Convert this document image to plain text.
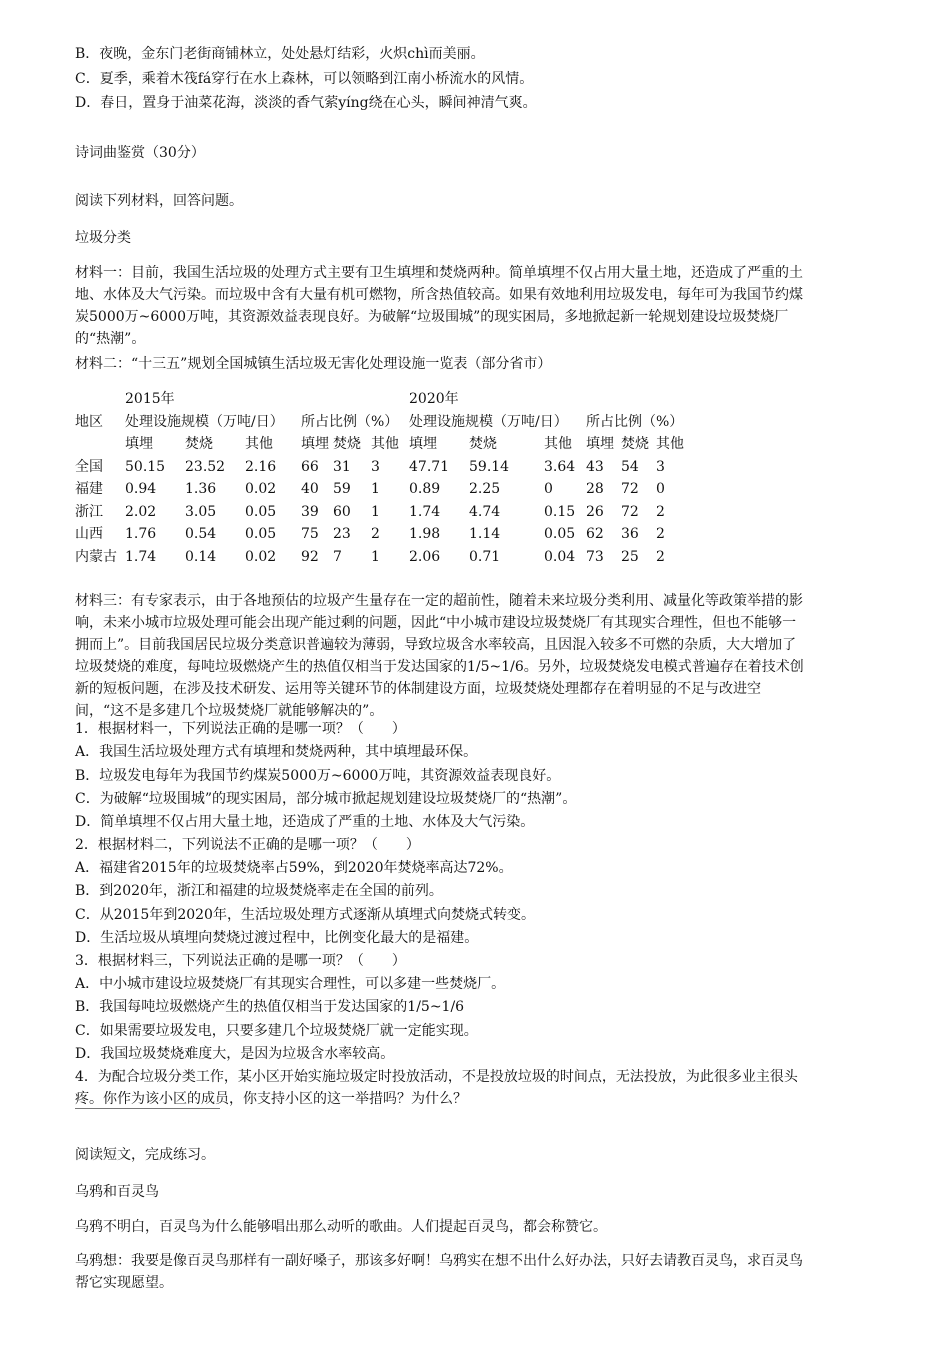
B．夜晚，金东门老街商铺林立，处处悬灯结彩，火炽chì而美丽。
C．夏季，乘着木筏fá穿行在水上森林，可以领略到江南小桥流水的风情。
D．春日，置身于油菜花海，淡淡的香气萦yíng绕在心头，瞬间神清气爽。
诗词曲鉴赏（30分）
阅读下列材料，回答问题。
垃圾分类
材料一：目前，我国生活垃圾的处理方式主要有卫生填埋和焚烧两种。简单填埋不仅占用大量土地，还造成了严重的土地、水体及大气污染。而垃圾中含有大量有机可燃物，所含热值较高。如果有效地利用垃圾发电，每年可为我国节约煤炭5000万~6000万吨，其资源效益表现良好。为破解“垃圾围城”的现实困局，多地掀起新一轮规划建设垃圾焚烧厂的“热潮”。
材料二：“十三五”规划全国城镇生活垃圾无害化处理设施一览表（部分省市）
	2015年						2020年					
地区	处理设施规模（万吨/日）			所占比例（%）			处理设施规模（万吨/日）			所占比例（%）		
	填埋	焚烧	其他	填埋	焚烧	其他	填埋	焚烧	其他	填埋	焚烧	其他
全国	50.15	23.52	2.16	66	31	3	47.71	59.14	3.64	43	54	3
福建	0.94	1.36	0.02	40	59	1	0.89	2.25	0	28	72	0
浙江	2.02	3.05	0.05	39	60	1	1.74	4.74	0.15	26	72	2
山西	1.76	0.54	0.05	75	23	2	1.98	1.14	0.05	62	36	2
内蒙古	1.74	0.14	0.02	92	7	1	2.06	0.71	0.04	73	25	2
材料三：有专家表示，由于各地预估的垃圾产生量存在一定的超前性，随着未来垃圾分类利用、减量化等政策举措的影响，未来小城市垃圾处理可能会出现产能过剩的问题，因此“中小城市建设垃圾焚烧厂有其现实合理性，但也不能够一拥而上”。目前我国居民垃圾分类意识普遍较为薄弱，导致垃圾含水率较高，且因混入较多不可燃的杂质，大大增加了垃圾焚烧的难度，每吨垃圾燃烧产生的热值仅相当于发达国家的1/5~1/6。另外，垃圾焚烧发电模式普遍存在着技术创新的短板问题，在涉及技术研发、运用等关键环节的体制建设方面，垃圾焚烧处理都存在着明显的不足与改进空间，“这不是多建几个垃圾焚烧厂就能够解决的”。
1．根据材料一，下列说法正确的是哪一项？（　　）
A．我国生活垃圾处理方式有填埋和焚烧两种，其中填埋最环保。
B．垃圾发电每年为我国节约煤炭5000万~6000万吨，其资源效益表现良好。
C．为破解“垃圾围城”的现实困局，部分城市掀起规划建设垃圾焚烧厂的“热潮”。
D．简单填埋不仅占用大量土地，还造成了严重的土地、水体及大气污染。
2．根据材料二，下列说法不正确的是哪一项？（　　）
A．福建省2015年的垃圾焚烧率占59%，到2020年焚烧率高达72%。
B．到2020年，浙江和福建的垃圾焚烧率走在全国的前列。
C．从2015年到2020年，生活垃圾处理方式逐渐从填埋式向焚烧式转变。
D．生活垃圾从填埋向焚烧过渡过程中，比例变化最大的是福建。
3．根据材料三，下列说法正确的是哪一项？（　　）
A．中小城市建设垃圾焚烧厂有其现实合理性，可以多建一些焚烧厂。
B．我国每吨垃圾燃烧产生的热值仅相当于发达国家的1/5~1/6
C．如果需要垃圾发电，只要多建几个垃圾焚烧厂就一定能实现。
D．我国垃圾焚烧难度大，是因为垃圾含水率较高。
4．为配合垃圾分类工作，某小区开始实施垃圾定时投放活动，不是投放垃圾的时间点，无法投放，为此很多业主很头疼。你作为该小区的成员，你支持小区的这一举措吗？为什么？
阅读短文，完成练习。
乌鸦和百灵鸟
乌鸦不明白，百灵鸟为什么能够唱出那么动听的歌曲。人们提起百灵鸟，都会称赞它。
乌鸦想：我要是像百灵鸟那样有一副好嗓子，那该多好啊！乌鸦实在想不出什么好办法，只好去请教百灵鸟，求百灵鸟帮它实现愿望。
